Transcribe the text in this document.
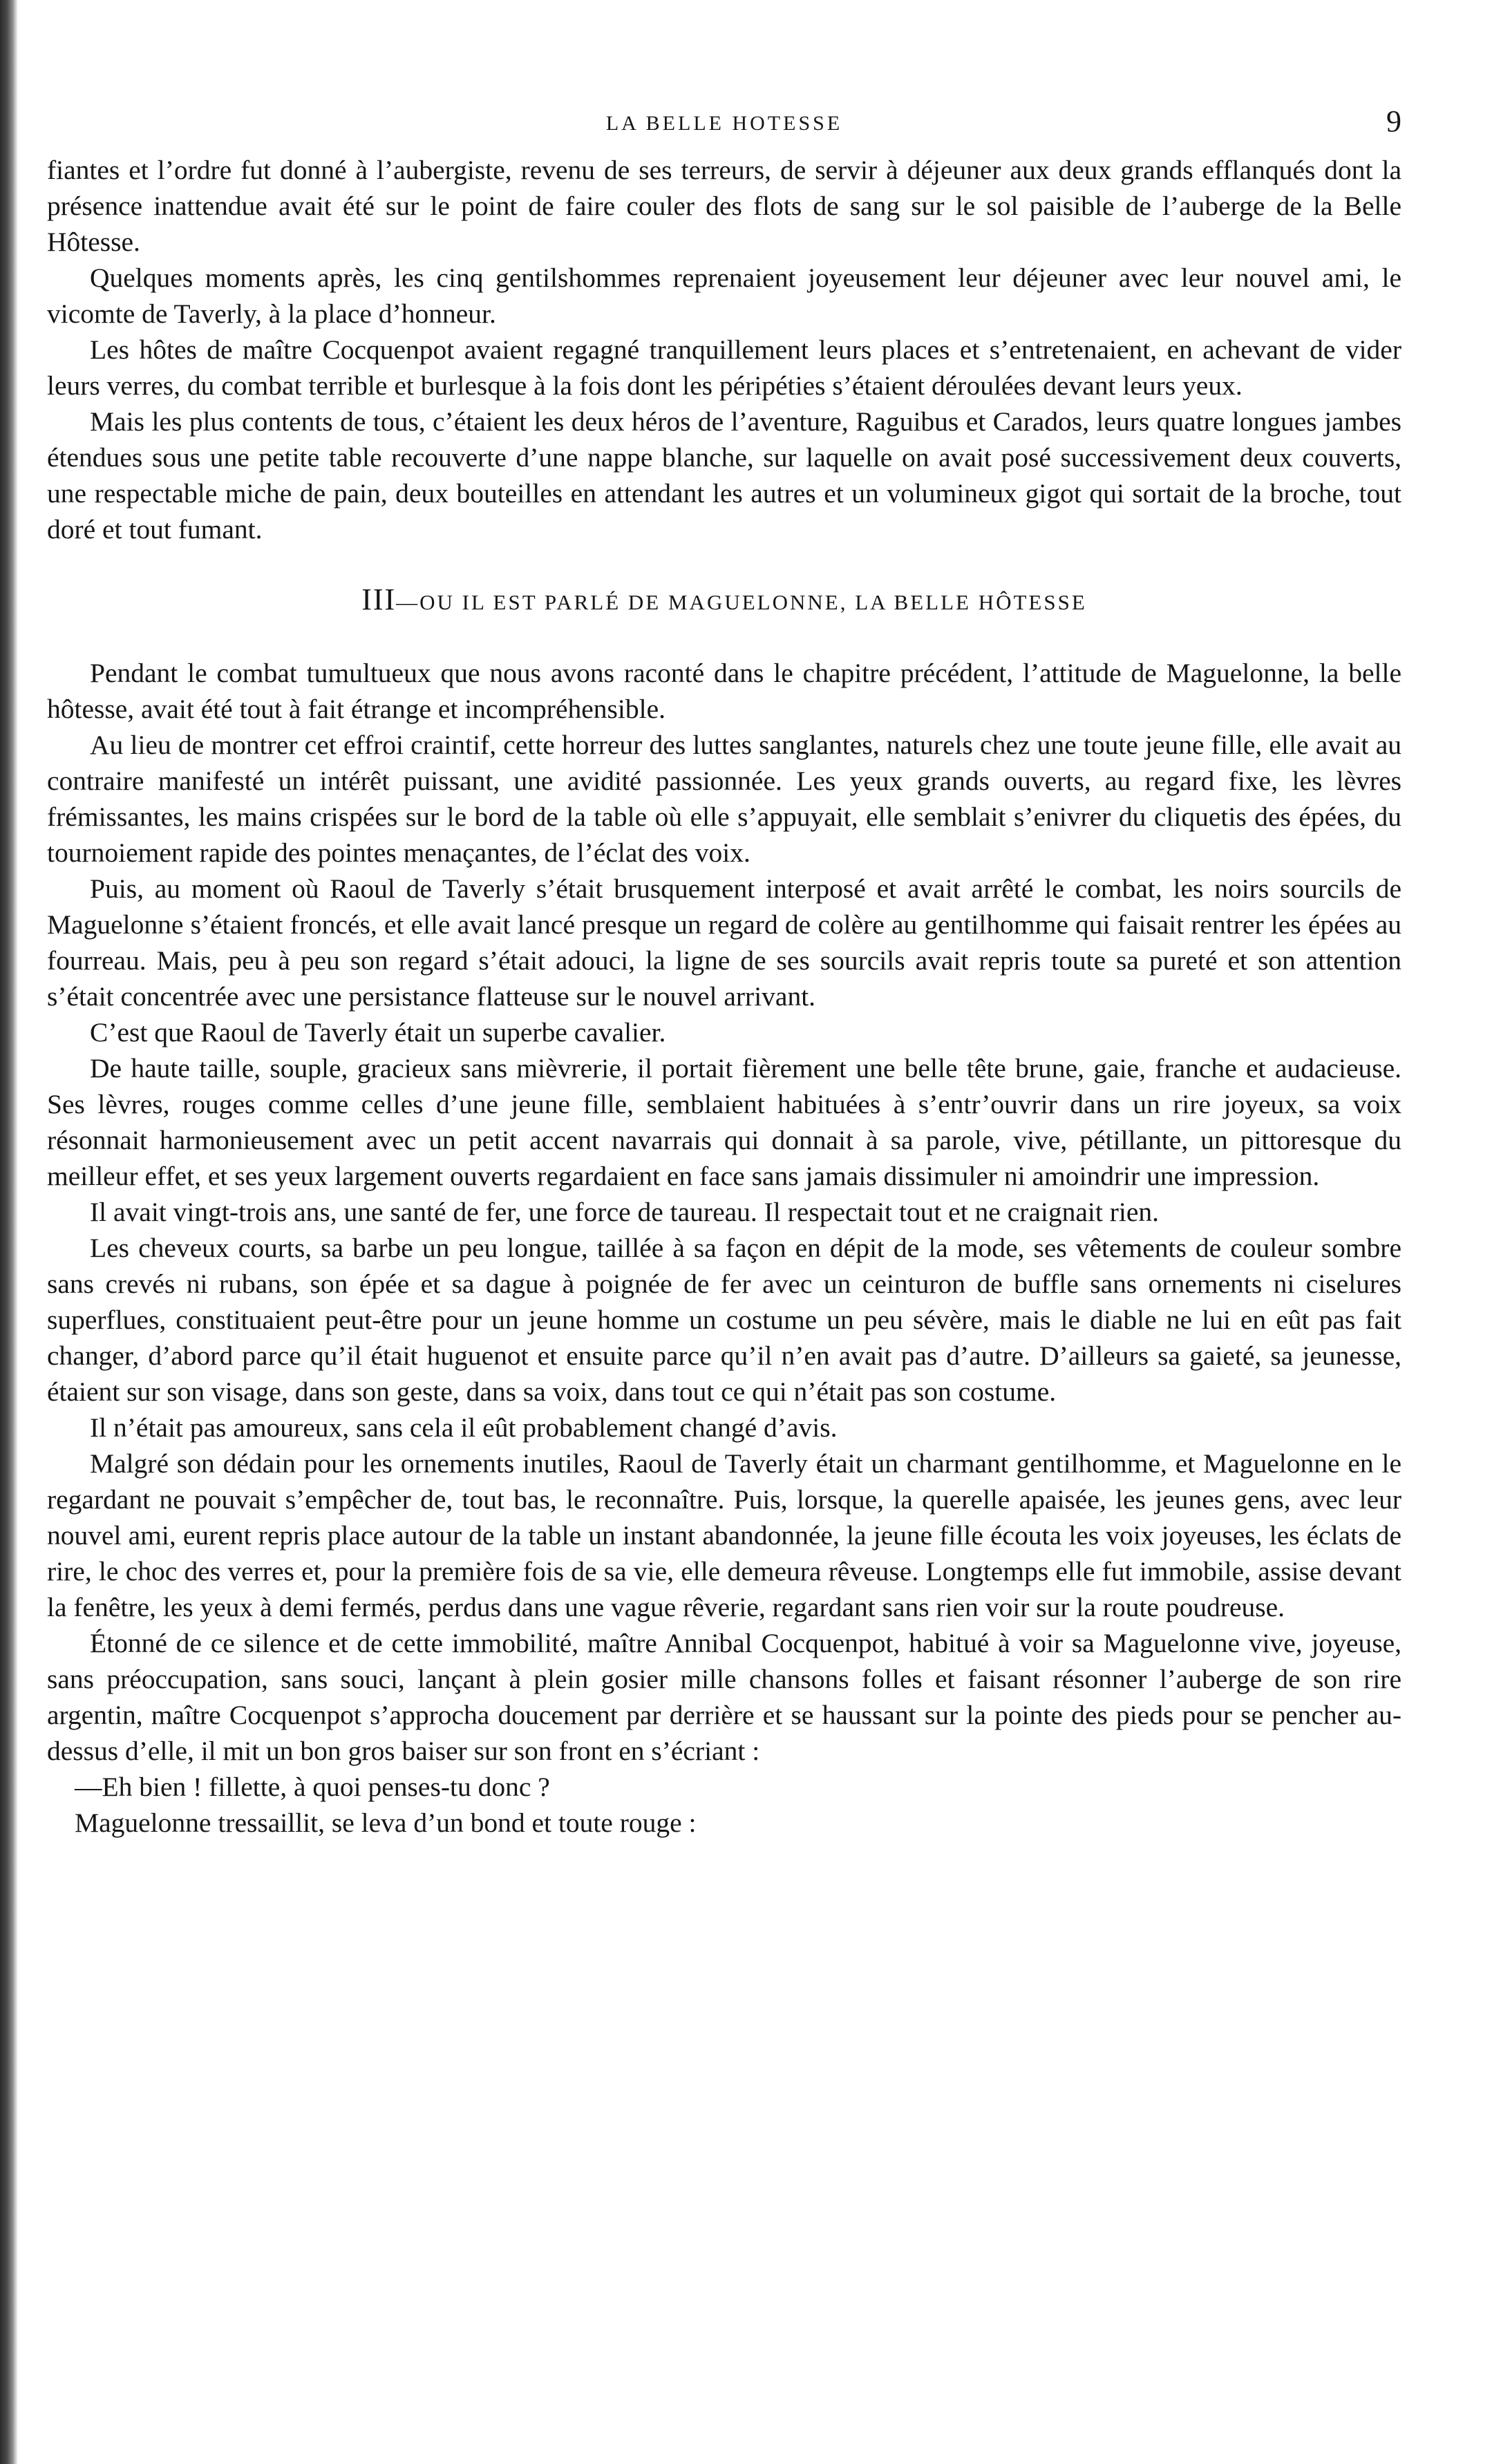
LA BELLE HOTESSE	9

fiantes et l’ordre fut donné à l’aubergiste, revenu de ses terreurs, de servir à déjeuner aux deux grands efflanqués dont la présence inattendue avait été sur le point de faire couler des flots de sang sur le sol paisible de l’auberge de la Belle Hôtesse.

Quelques moments après, les cinq gentilshommes reprenaient joyeusement leur déjeuner avec leur nouvel ami, le vicomte de Taverly, à la place d’honneur.

Les hôtes de maître Cocquenpot avaient regagné tranquillement leurs places et s’entretenaient, en achevant de vider leurs verres, du combat terrible et burlesque à la fois dont les péripéties s’étaient déroulées devant leurs yeux.

Mais les plus contents de tous, c’étaient les deux héros de l’aventure, Raguibus et Carados, leurs quatre longues jambes étendues sous une petite table recouverte d’une nappe blanche, sur laquelle on avait posé successivement deux couverts, une respectable miche de pain, deux bouteilles en attendant les autres et un volumineux gigot qui sortait de la broche, tout doré et tout fumant.

III—OU IL EST PARLÉ DE MAGUELONNE, LA BELLE HÔTESSE

Pendant le combat tumultueux que nous avons raconté dans le chapitre précédent, l’attitude de Maguelonne, la belle hôtesse, avait été tout à fait étrange et incompréhensible.

Au lieu de montrer cet effroi craintif, cette horreur des luttes sanglantes, naturels chez une toute jeune fille, elle avait au contraire manifesté un intérêt puissant, une avidité passionnée. Les yeux grands ouverts, au regard fixe, les lèvres frémissantes, les mains crispées sur le bord de la table où elle s’appuyait, elle semblait s’enivrer du cliquetis des épées, du tournoiement rapide des pointes menaçantes, de l’éclat des voix.

Puis, au moment où Raoul de Taverly s’était brusquement interposé et avait arrêté le combat, les noirs sourcils de Maguelonne s’étaient froncés, et elle avait lancé presque un regard de colère au gentilhomme qui faisait rentrer les épées au fourreau. Mais, peu à peu son regard s’était adouci, la ligne de ses sourcils avait repris toute sa pureté et son attention s’était concentrée avec une persistance flatteuse sur le nouvel arrivant.

C’est que Raoul de Taverly était un superbe cavalier.

De haute taille, souple, gracieux sans mièvrerie, il portait fièrement une belle tête brune, gaie, franche et audacieuse. Ses lèvres, rouges comme celles d’une jeune fille, semblaient habituées à s’entr’ouvrir dans un rire joyeux, sa voix résonnait harmonieusement avec un petit accent navarrais qui donnait à sa parole, vive, pétillante, un pittoresque du meilleur effet, et ses yeux largement ouverts regardaient en face sans jamais dissimuler ni amoindrir une impression.

Il avait vingt-trois ans, une santé de fer, une force de taureau. Il respectait tout et ne craignait rien.

Les cheveux courts, sa barbe un peu longue, taillée à sa façon en dépit de la mode, ses vêtements de couleur sombre sans crevés ni rubans, son épée et sa dague à poignée de fer avec un ceinturon de buffle sans ornements ni ciselures superflues, constituaient peut-être pour un jeune homme un costume un peu sévère, mais le diable ne lui en eût pas fait changer, d’abord parce qu’il était huguenot et ensuite parce qu’il n’en avait pas d’autre. D’ailleurs sa gaieté, sa jeunesse, étaient sur son visage, dans son geste, dans sa voix, dans tout ce qui n’était pas son costume.

Il n’était pas amoureux, sans cela il eût probablement changé d’avis.

Malgré son dédain pour les ornements inutiles, Raoul de Taverly était un charmant gentilhomme, et Maguelonne en le regardant ne pouvait s’empêcher de, tout bas, le reconnaître. Puis, lorsque, la querelle apaisée, les jeunes gens, avec leur nouvel ami, eurent repris place autour de la table un instant abandonnée, la jeune fille écouta les voix joyeuses, les éclats de rire, le choc des verres et, pour la première fois de sa vie, elle demeura rêveuse. Longtemps elle fut immobile, assise devant la fenêtre, les yeux à demi fermés, perdus dans une vague rêverie, regardant sans rien voir sur la route poudreuse.

Étonné de ce silence et de cette immobilité, maître Annibal Cocquenpot, habitué à voir sa Maguelonne vive, joyeuse, sans préoccupation, sans souci, lançant à plein gosier mille chansons folles et faisant résonner l’auberge de son rire argentin, maître Cocquenpot s’approcha doucement par derrière et se haussant sur la pointe des pieds pour se pencher au-dessus d’elle, il mit un bon gros baiser sur son front en s’écriant :

—Eh bien ! fillette, à quoi penses-tu donc ?

Maguelonne tressaillit, se leva d’un bond et toute rouge :
